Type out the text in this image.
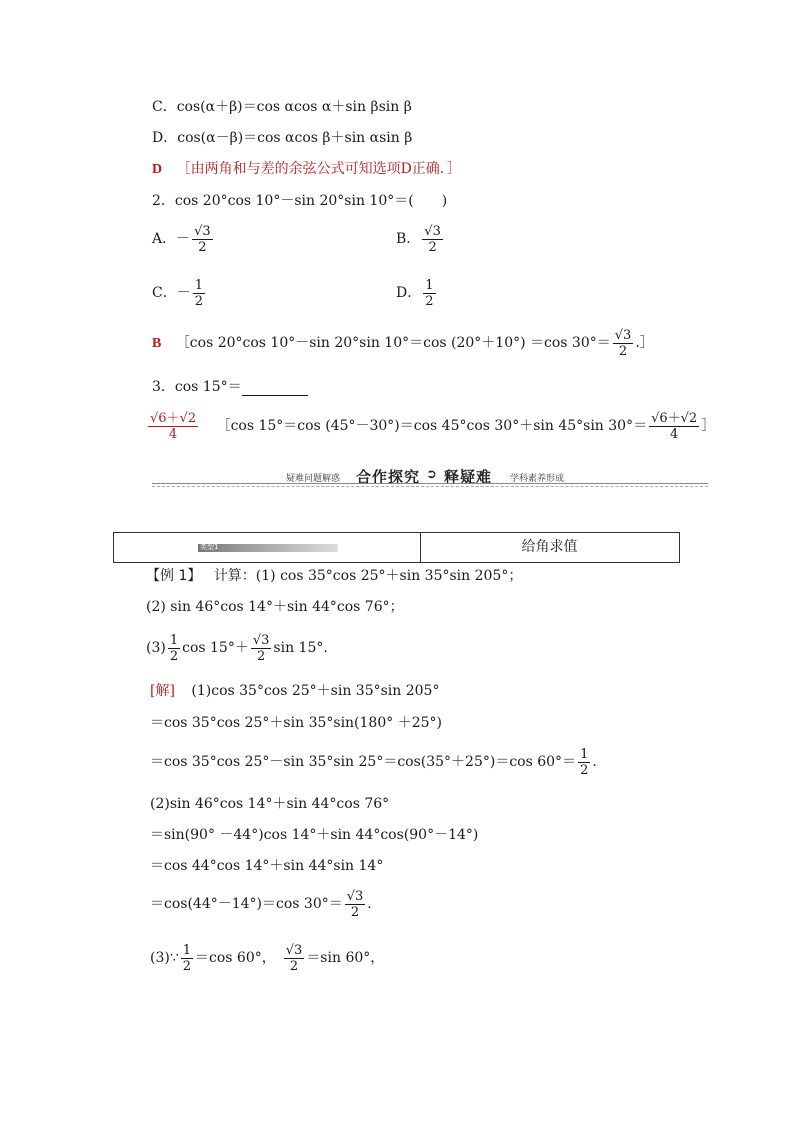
C．cos(α＋β)＝cos αcos α＋sin βsin β
D．cos(α－β)＝cos αcos β＋sin αsin β
D ［由两角和与差的余弦公式可知选项D正确．］
2．cos 20°cos 10°－sin 20°sin 10°＝(　　)
A．－ $\frac{√3}{2}$	B． $\frac{√3}{2}$
C．－ $\frac{1}{2}$	D． $\frac{1}{2}$
B ［cos 20°cos 10°－sin 20°sin 10°＝cos (20°＋10°) ＝cos $30^\circ= \frac{√3}{2}$ .］
3．cos 15°＝
$\frac{√6+√2}{4}$ ［cos 15°＝cos (45°－30°)＝cos 45°cos 30°＋sin 45°sin $30^\circ= \frac{√6+√2}{4}$ ］
疑难问题解惑 合作探究 ➲ 释疑难 学科素养形成
类型1	给角求值
【例 1】 计算：(1) cos 35°cos 25°＋sin 35°sin 205°；
(2) sin 46°cos 14°＋sin 44°cos 76°；
$(3) \frac{1}{2}$ $\cos 15^\circ+ \frac{√3}{2}$ sin 15°.
[解] (1)cos 35°cos 25°＋sin 35°sin 205°
＝cos 35°cos 25°＋sin 35°sin(180° ＋25°)
＝cos 35°cos 25°－sin 35°sin 25°＝cos(35°＋25°)＝cos $60^\circ= \frac{1}{2}$ .
(2)sin 46°cos 14°＋sin 44°cos 76°
＝sin(90° －44°)cos 14°＋sin 44°cos(90°－14°)
＝cos 44°cos 14°＋sin 44°sin 14°
＝cos(44°－14°)＝cos $30^\circ= \frac{√3}{2}$ .
(3)∵ $\frac{1}{2} =\cos$ 60°， $\frac{√3}{2} =\sin$ 60°，
